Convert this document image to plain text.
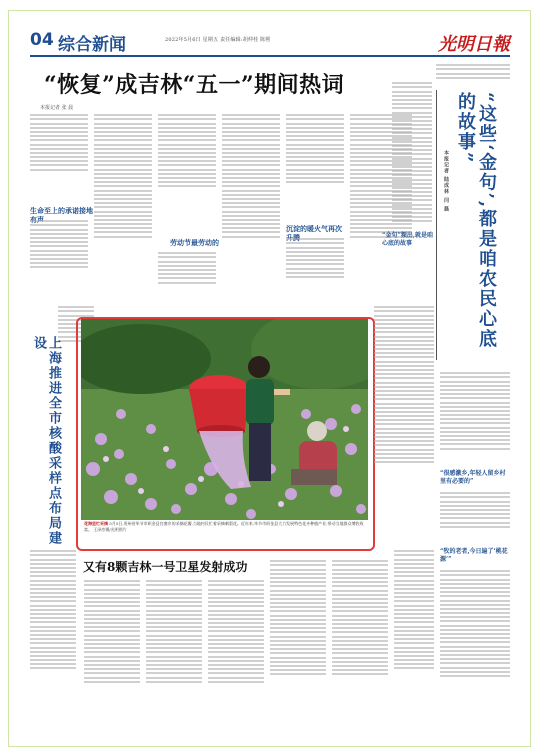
04 综合新闻	2022年5月6日 星期五 责任编辑:胡仲桂 陈熙	光明日報
“恢复”成吉林“五一”期间热词
本报记者 张 晨
生命至上的承诺接地
劳动节最劳动的
沉淀的暖火气再次
上海推进全市核酸采样点布局建设
花海里忙采摘 5月5日,贵州省毕节市织金县官寨乡的采摘花瓣,当地村民忙着采摘刺梨花。近年来,毕节市织金县大力发展特色花卉种植产业,带动当地群众增收致富。 王泽彦摄/光明图片
又有8颗吉林一号卫星发射成功
“这些‘金句’,都是咱农民心底的故事”
本报记者 陆成林 闫 磊
“金句”频出,就是咱心底的故事
“很感激乡,年轻人留乡村里有必要的”
“牧的老者,今日遍了‘桃花源’”
